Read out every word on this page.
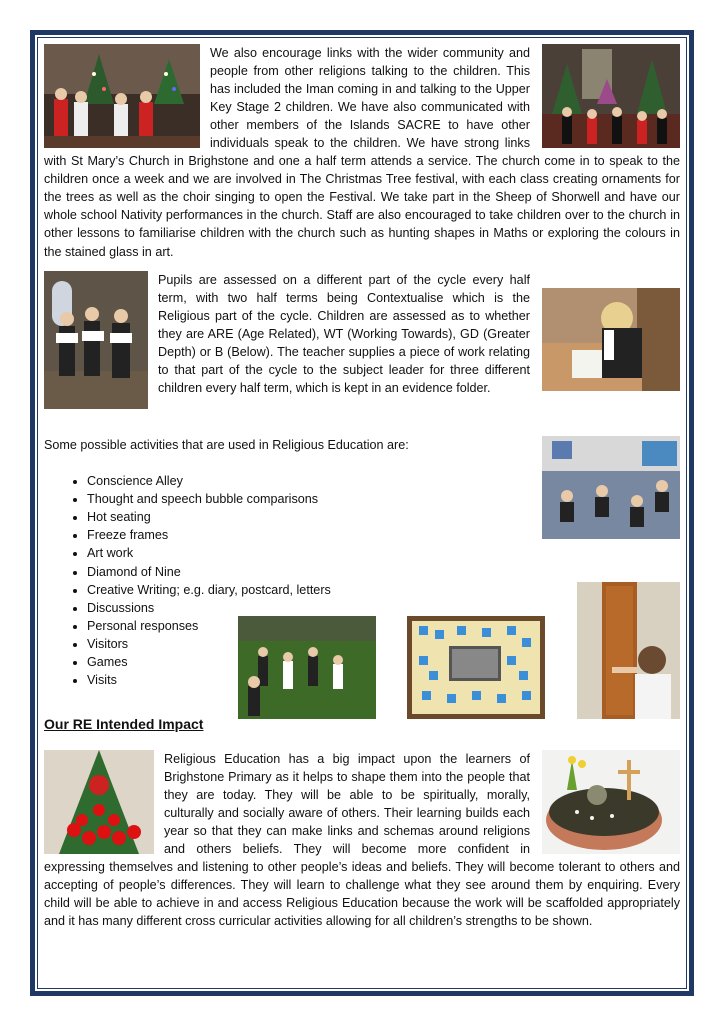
We also encourage links with the wider community and people from other religions talking to the children. This has included the Iman coming in and talking to the Upper Key Stage 2 children. We have also communicated with other members of the Islands SACRE to have other individuals speak to the children. We have strong links with St Mary’s Church in Brighstone and one a half term attends a service. The church come in to speak to the children once a week and we are involved in The Christmas Tree festival, with each class creating ornaments for the trees as well as the choir singing to open the Festival. We take part in the Sheep of Shorwell and have our whole school Nativity performances in the church. Staff are also encouraged to take children over to the church in other lessons to familiarise children with the church such as hunting shapes in Maths or exploring the colours in the stained glass in art.

Pupils are assessed on a different part of the cycle every half term, with two half terms being Contextualise which is the Religious part of the cycle. Children are assessed as to whether they are ARE (Age Related), WT (Working Towards), GD (Greater Depth) or B (Below). The teacher supplies a piece of work relating to that part of the cycle to the subject leader for three different children every half term, which is kept in an evidence folder.

Some possible activities that are used in Religious Education are:

• Conscience Alley
• Thought and speech bubble comparisons
• Hot seating
• Freeze frames
• Art work
• Diamond of Nine
• Creative Writing; e.g. diary, postcard, letters
• Discussions
• Personal responses
• Visitors
• Games
• Visits
Our RE Intended Impact

Religious Education has a big impact upon the learners of Brighstone Primary as it helps to shape them into the people that they are today. They will be able to be spiritually, morally, culturally and socially aware of others. Their learning builds each year so that they can make links and schemas around religions and others beliefs. They will become more confident in expressing themselves and listening to other people’s ideas and beliefs. They will become tolerant to others and accepting of people’s differences. They will learn to challenge what they see around them by enquiring. Every child will be able to achieve in and access Religious Education because the work will be scaffolded appropriately and it has many different cross curricular activities allowing for all children’s strengths to be shown.
